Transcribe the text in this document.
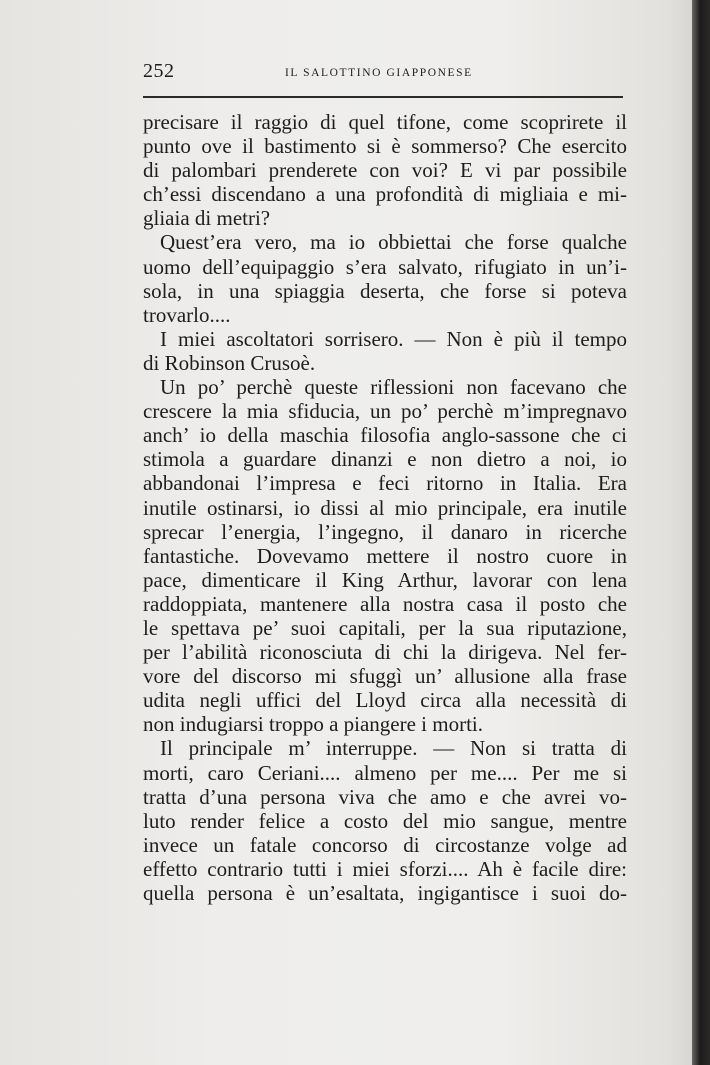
252	IL SALOTTINO GIAPPONESE
precisare il raggio di quel tifone, come scoprirete il
punto ove il bastimento si è sommerso? Che esercito
di palombari prenderete con voi? E vi par possibile
ch’essi discendano a una profondità di migliaia e mi-
gliaia di metri?
Quest’era vero, ma io obbiettai che forse qualche
uomo dell’equipaggio s’era salvato, rifugiato in un’i-
sola, in una spiaggia deserta, che forse si poteva
trovarlo....
I miei ascoltatori sorrisero. — Non è più il tempo
di Robinson Crusoè.
Un po’ perchè queste riflessioni non facevano che
crescere la mia sfiducia, un po’ perchè m’impregnavo
anch’ io della maschia filosofia anglo-sassone che ci
stimola a guardare dinanzi e non dietro a noi, io
abbandonai l’impresa e feci ritorno in Italia. Era
inutile ostinarsi, io dissi al mio principale, era inutile
sprecar l’energia, l’ingegno, il danaro in ricerche
fantastiche. Dovevamo mettere il nostro cuore in
pace, dimenticare il King Arthur, lavorar con lena
raddoppiata, mantenere alla nostra casa il posto che
le spettava pe’ suoi capitali, per la sua riputazione,
per l’abilità riconosciuta di chi la dirigeva. Nel fer-
vore del discorso mi sfuggì un’ allusione alla frase
udita negli uffici del Lloyd circa alla necessità di
non indugiarsi troppo a piangere i morti.
Il principale m’ interruppe. — Non si tratta di
morti, caro Ceriani.... almeno per me.... Per me si
tratta d’una persona viva che amo e che avrei vo-
luto render felice a costo del mio sangue, mentre
invece un fatale concorso di circostanze volge ad
effetto contrario tutti i miei sforzi.... Ah è facile dire:
quella persona è un’esaltata, ingigantisce i suoi do-
